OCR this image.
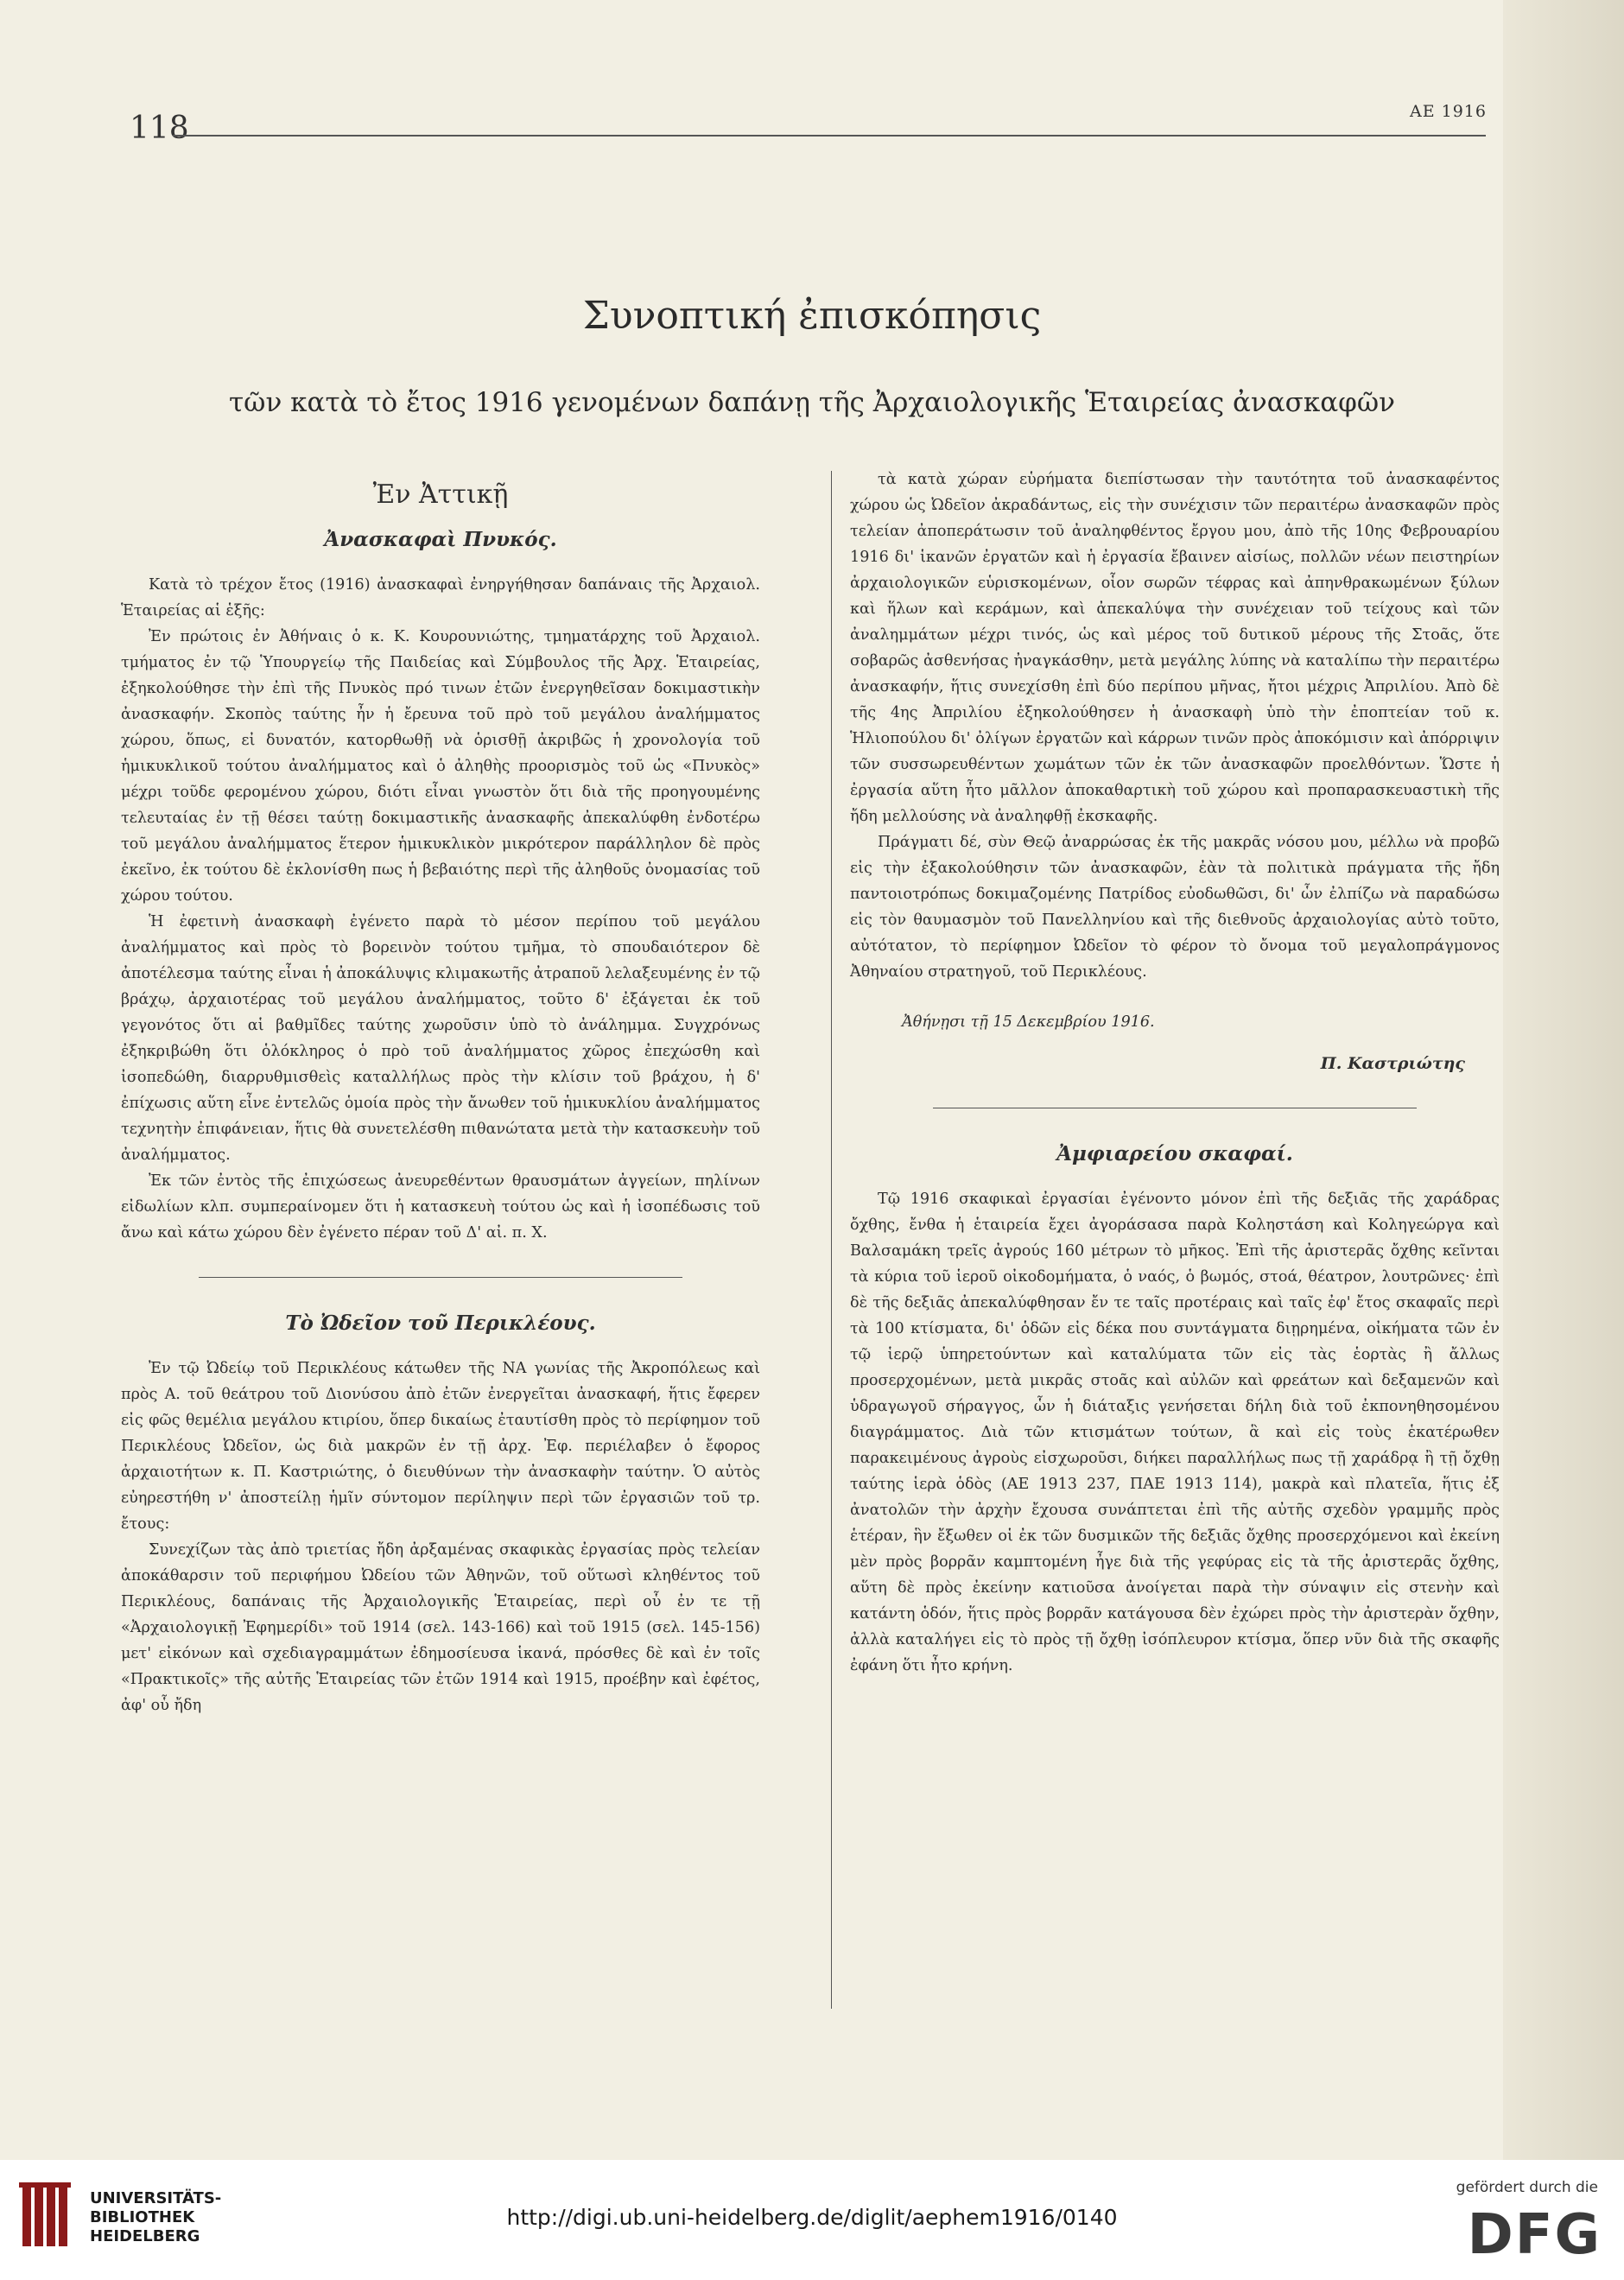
118	ΑΕ 1916
Συνοπτική ἐπισκόπησις
τῶν κατὰ τὸ ἔτος 1916 γενομένων δαπάνῃ τῆς Ἀρχαιολογικῆς Ἑταιρείας ἀνασκαφῶν
Ἐν Ἀττικῇ
Ἀνασκαφαὶ Πνυκός.

Κατὰ τὸ τρέχον ἔτος (1916) ἀνασκαφαὶ ἐνηργήθησαν δαπάναις τῆς Ἀρχαιολ. Ἑταιρείας αἱ ἑξῆς:

Ἐν πρώτοις ἐν Ἀθήναις ὁ κ. Κ. Κουρουνιώτης, τμηματάρχης τοῦ Ἀρχαιολ. τμήματος ἐν τῷ Ὑπουργείῳ τῆς Παιδείας καὶ Σύμβουλος τῆς Ἀρχ. Ἑταιρείας, ἐξηκολούθησε τὴν ἐπὶ τῆς Πνυκὸς πρό τινων ἐτῶν ἐνεργηθεῖσαν δοκιμαστικὴν ἀνασκαφήν. Σκοπὸς ταύτης ἦν ἡ ἔρευνα τοῦ πρὸ τοῦ μεγάλου ἀναλήμματος χώρου, ὅπως, εἰ δυνατόν, κατορθωθῇ νὰ ὁρισθῇ ἀκριβῶς ἡ χρονολογία τοῦ ἡμικυκλικοῦ τούτου ἀναλήμματος καὶ ὁ ἀληθὴς προορισμὸς τοῦ ὡς «Πνυκὸς» μέχρι τοῦδε φερομένου χώρου, διότι εἶναι γνωστὸν ὅτι διὰ τῆς προηγουμένης τελευταίας ἐν τῇ θέσει ταύτῃ δοκιμαστικῆς ἀνασκαφῆς ἀπεκαλύφθη ἐνδοτέρω τοῦ μεγάλου ἀναλήμματος ἕτερον ἡμικυκλικὸν μικρότερον παράλληλον δὲ πρὸς ἐκεῖνο, ἐκ τούτου δὲ ἐκλονίσθη πως ἡ βεβαιότης περὶ τῆς ἀληθοῦς ὀνομασίας τοῦ χώρου τούτου.

Ἡ ἐφετινὴ ἀνασκαφὴ ἐγένετο παρὰ τὸ μέσον περίπου τοῦ μεγάλου ἀναλήμματος καὶ πρὸς τὸ βορεινὸν τούτου τμῆμα, τὸ σπουδαιότερον δὲ ἀποτέλεσμα ταύτης εἶναι ἡ ἀποκάλυψις κλιμακωτῆς ἀτραποῦ λελαξευμένης ἐν τῷ βράχῳ, ἀρχαιοτέρας τοῦ μεγάλου ἀναλήμματος, τοῦτο δ' ἐξάγεται ἐκ τοῦ γεγονότος ὅτι αἱ βαθμῖδες ταύτης χωροῦσιν ὑπὸ τὸ ἀνάλημμα. Συγχρόνως ἐξηκριβώθη ὅτι ὁλόκληρος ὁ πρὸ τοῦ ἀναλήμματος χῶρος ἐπεχώσθη καὶ ἰσοπεδώθη, διαρρυθμισθεὶς καταλλήλως πρὸς τὴν κλίσιν τοῦ βράχου, ἡ δ' ἐπίχωσις αὕτη εἶνε ἐντελῶς ὁμοία πρὸς τὴν ἄνωθεν τοῦ ἡμικυκλίου ἀναλήμματος τεχνητὴν ἐπιφάνειαν, ἥτις θὰ συνετελέσθη πιθανώτατα μετὰ τὴν κατασκευὴν τοῦ ἀναλήμματος.

Ἐκ τῶν ἐντὸς τῆς ἐπιχώσεως ἀνευρεθέντων θραυσμάτων ἀγγείων, πηλίνων εἰδωλίων κλπ. συμπεραίνομεν ὅτι ἡ κατασκευὴ τούτου ὡς καὶ ἡ ἰσοπέδωσις τοῦ ἄνω καὶ κάτω χώρου δὲν ἐγένετο πέραν τοῦ Δ' αἰ. π. Χ.

Τὸ Ὠδεῖον τοῦ Περικλέους.

Ἐν τῷ Ὠδείῳ τοῦ Περικλέους κάτωθεν τῆς ΝΑ γωνίας τῆς Ἀκροπόλεως καὶ πρὸς Α. τοῦ θεάτρου τοῦ Διονύσου ἀπὸ ἐτῶν ἐνεργεῖται ἀνασκαφή, ἥτις ἔφερεν εἰς φῶς θεμέλια μεγάλου κτιρίου, ὅπερ δικαίως ἐταυτίσθη πρὸς τὸ περίφημον τοῦ Περικλέους Ὠδεῖον, ὡς διὰ μακρῶν ἐν τῇ ἀρχ. Ἐφ. περιέλαβεν ὁ ἔφορος ἀρχαιοτήτων κ. Π. Καστριώτης, ὁ διευθύνων τὴν ἀνασκαφὴν ταύτην. Ὁ αὐτὸς εὐηρεστήθη ν' ἀποστείλῃ ἡμῖν σύντομον περίληψιν περὶ τῶν ἐργασιῶν τοῦ τρ. ἔτους:

Συνεχίζων τὰς ἀπὸ τριετίας ἤδη ἀρξαμένας σκαφικὰς ἐργασίας πρὸς τελείαν ἀποκάθαρσιν τοῦ περιφήμου Ὠδείου τῶν Ἀθηνῶν, τοῦ οὕτωσὶ κληθέντος τοῦ Περικλέους, δαπάναις τῆς Ἀρχαιολογικῆς Ἑταιρείας, περὶ οὗ ἐν τε τῇ «Ἀρχαιολογικῇ Ἐφημερίδι» τοῦ 1914 (σελ. 143-166) καὶ τοῦ 1915 (σελ. 145-156) μετ' εἰκόνων καὶ σχεδιαγραμμάτων ἐδημοσίευσα ἱκανά, πρόσθες δὲ καὶ ἐν τοῖς «Πρακτικοῖς» τῆς αὐτῆς Ἑταιρείας τῶν ἐτῶν 1914 καὶ 1915, προέβην καὶ ἐφέτος, ἀφ' οὗ ἤδη

τὰ κατὰ χώραν εὑρήματα διεπίστωσαν τὴν ταυτότητα τοῦ ἀνασκαφέντος χώρου ὡς Ὠδεῖον ἀκραδάντως, εἰς τὴν συνέχισιν τῶν περαιτέρω ἀνασκαφῶν πρὸς τελείαν ἀποπεράτωσιν τοῦ ἀναληφθέντος ἔργου μου, ἀπὸ τῆς 10ης Φεβρουαρίου 1916 δι' ἱκανῶν ἐργατῶν καὶ ἡ ἐργασία ἔβαινεν αἰσίως, πολλῶν νέων πειστηρίων ἀρχαιολογικῶν εὑρισκομένων, οἷον σωρῶν τέφρας καὶ ἀπηνθρακωμένων ξύλων καὶ ἥλων καὶ κεράμων, καὶ ἀπεκαλύψα τὴν συνέχειαν τοῦ τείχους καὶ τῶν ἀναλημμάτων μέχρι τινός, ὡς καὶ μέρος τοῦ δυτικοῦ μέρους τῆς Στοᾶς, ὅτε σοβαρῶς ἀσθενήσας ἠναγκάσθην, μετὰ μεγάλης λύπης νὰ καταλίπω τὴν περαιτέρω ἀνασκαφήν, ἥτις συνεχίσθη ἐπὶ δύο περίπου μῆνας, ἤτοι μέχρις Ἀπριλίου. Ἀπὸ δὲ τῆς 4ης Ἀπριλίου ἐξηκολούθησεν ἡ ἀνασκαφὴ ὑπὸ τὴν ἐποπτείαν τοῦ κ. Ἡλιοπούλου δι' ὀλίγων ἐργατῶν καὶ κάρρων τινῶν πρὸς ἀποκόμισιν καὶ ἀπόρριψιν τῶν συσσωρευθέντων χωμάτων τῶν ἐκ τῶν ἀνασκαφῶν προελθόντων. Ὥστε ἡ ἐργασία αὕτη ἦτο μᾶλλον ἀποκαθαρτικὴ τοῦ χώρου καὶ προπαρασκευαστικὴ τῆς ἤδη μελλούσης νὰ ἀναληφθῇ ἐκσκαφῆς.

Πράγματι δέ, σὺν Θεῷ ἀναρρώσας ἐκ τῆς μακρᾶς νόσου μου, μέλλω νὰ προβῶ εἰς τὴν ἐξακολούθησιν τῶν ἀνασκαφῶν, ἐὰν τὰ πολιτικὰ πράγματα τῆς ἤδη παντοιοτρόπως δοκιμαζομένης Πατρίδος εὐοδωθῶσι, δι' ὧν ἐλπίζω νὰ παραδώσω εἰς τὸν θαυμασμὸν τοῦ Πανελληνίου καὶ τῆς διεθνοῦς ἀρχαιολογίας αὐτὸ τοῦτο, αὐτότατον, τὸ περίφημον Ὠδεῖον τὸ φέρον τὸ ὄνομα τοῦ μεγαλοπράγμονος Ἀθηναίου στρατηγοῦ, τοῦ Περικλέους.

Ἀθήνῃσι τῇ 15 Δεκεμβρίου 1916.
Π. Καστριώτης
Ἀμφιαρείου σκαφαί.

Τῷ 1916 σκαφικαὶ ἐργασίαι ἐγένοντο μόνον ἐπὶ τῆς δεξιᾶς τῆς χαράδρας ὄχθης, ἔνθα ἡ ἑταιρεία ἔχει ἀγοράσασα παρὰ Κοληστάση καὶ Κοληγεώργα καὶ Βαλσαμάκη τρεῖς ἀγρούς 160 μέτρων τὸ μῆκος. Ἐπὶ τῆς ἀριστερᾶς ὄχθης κεῖνται τὰ κύρια τοῦ ἱεροῦ οἰκοδομήματα, ὁ ναός, ὁ βωμός, στοά, θέατρον, λουτρῶνες· ἐπὶ δὲ τῆς δεξιᾶς ἀπεκαλύφθησαν ἔν τε ταῖς προτέραις καὶ ταῖς ἐφ' ἔτος σκαφαῖς περὶ τὰ 100 κτίσματα, δι' ὁδῶν εἰς δέκα που συντάγματα διῃρημένα, οἰκήματα τῶν ἐν τῷ ἱερῷ ὑπηρετούντων καὶ καταλύματα τῶν εἰς τὰς ἑορτὰς ἢ ἄλλως προσερχομένων, μετὰ μικρᾶς στοᾶς καὶ αὐλῶν καὶ φρεάτων καὶ δεξαμενῶν καὶ ὑδραγωγοῦ σήραγγος, ὧν ἡ διάταξις γενήσεται δήλη διὰ τοῦ ἐκπονηθησομένου διαγράμματος. Διὰ τῶν κτισμάτων τούτων, ἃ καὶ εἰς τοὺς ἑκατέρωθεν παρακειμένους ἀγροὺς εἰσχωροῦσι, διήκει παραλλήλως πως τῇ χαράδρᾳ ἢ τῇ ὄχθῃ ταύτης ἱερὰ ὁδὸς (ΑΕ 1913 237, ΠΑΕ 1913 114), μακρὰ καὶ πλατεῖα, ἥτις ἐξ ἀνατολῶν τὴν ἀρχὴν ἔχουσα συνάπτεται ἐπὶ τῆς αὐτῆς σχεδὸν γραμμῆς πρὸς ἑτέραν, ἣν ἔξωθεν οἱ ἐκ τῶν δυσμικῶν τῆς δεξιᾶς ὄχθης προσερχόμενοι καὶ ἐκείνη μὲν πρὸς βορρᾶν καμπτομένη ἦγε διὰ τῆς γεφύρας εἰς τὰ τῆς ἀριστερᾶς ὄχθης, αὕτη δὲ πρὸς ἐκείνην κατιοῦσα ἀνοίγεται παρὰ τὴν σύναψιν εἰς στενὴν καὶ κατάντη ὁδόν, ἥτις πρὸς βορρᾶν κατάγουσα δὲν ἐχώρει πρὸς τὴν ἀριστερὰν ὄχθην, ἀλλὰ καταλήγει εἰς τὸ πρὸς τῇ ὄχθῃ ἰσόπλευρον κτίσμα, ὅπερ νῦν διὰ τῆς σκαφῆς ἐφάνη ὅτι ἦτο κρήνη.

UNIVERSITÄTS-
BIBLIOTHEK
HEIDELBERG
http://digi.ub.uni-heidelberg.de/diglit/aephem1916/0140
gefördert durch die
DFG
